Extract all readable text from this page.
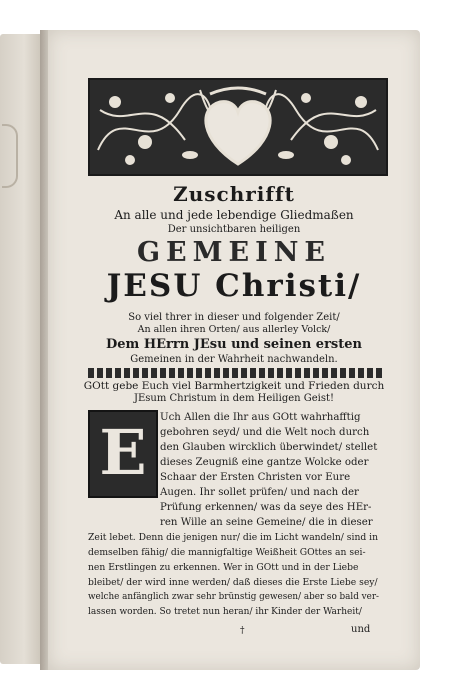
Zuschrifft
An alle und jede lebendige Gliedmaßen
Der unsichtbaren heiligen
GEMEINE
JESU Christi/
So viel threr in dieser und folgender Zeit/
An allen ihren Orten/ aus allerley Volck/
Dem HErrn JEsu und seinen ersten
Gemeinen in der Wahrheit nachwandeln.
GOtt gebe Euch viel Barmhertzigkeit und Frieden durch
JEsum Christum in dem Heiligen Geist!
E	Uch Allen die Ihr aus GOtt wahrhafftig
gebohren seyd/ und die Welt noch durch
den Glauben wircklich überwindet/ stellet
dieses Zeugniß eine gantze Wolcke oder
Schaar der Ersten Christen vor Eure
Augen. Ihr sollet prüfen/ und nach der
Prüfung erkennen/ was da seye des HEr-
ren Wille an seine Gemeine/ die in dieser
Zeit lebet. Denn die jenigen nur/ die im Licht wandeln/ sind in
demselben fähig/ die mannigfaltige Weißheit GOttes an sei-
nen Erstlingen zu erkennen. Wer in GOtt und in der Liebe
bleibet/ der wird inne werden/ daß dieses die Erste Liebe sey/
welche anfänglich zwar sehr brünstig gewesen/ aber so bald ver-
lassen worden. So tretet nun heran/ ihr Kinder der Warheit/
†	und
